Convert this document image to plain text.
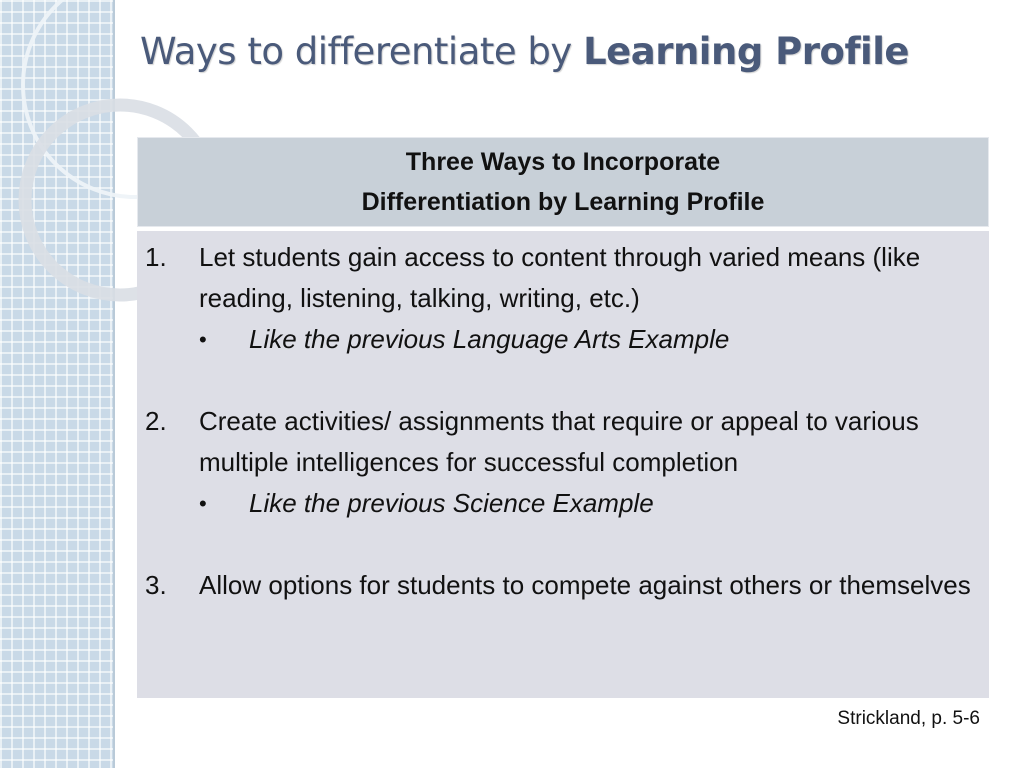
Ways to differentiate by Learning Profile
Three Ways to Incorporate
Differentiation by Learning Profile
1.	Let students gain access to content through varied means (like reading, listening, talking, writing, etc.)
•	Like the previous Language Arts Example
2.	Create activities/ assignments that require or appeal to various multiple intelligences for successful completion
•	Like the previous Science Example
3.	Allow options for students to compete against others or themselves
Strickland, p. 5-6
